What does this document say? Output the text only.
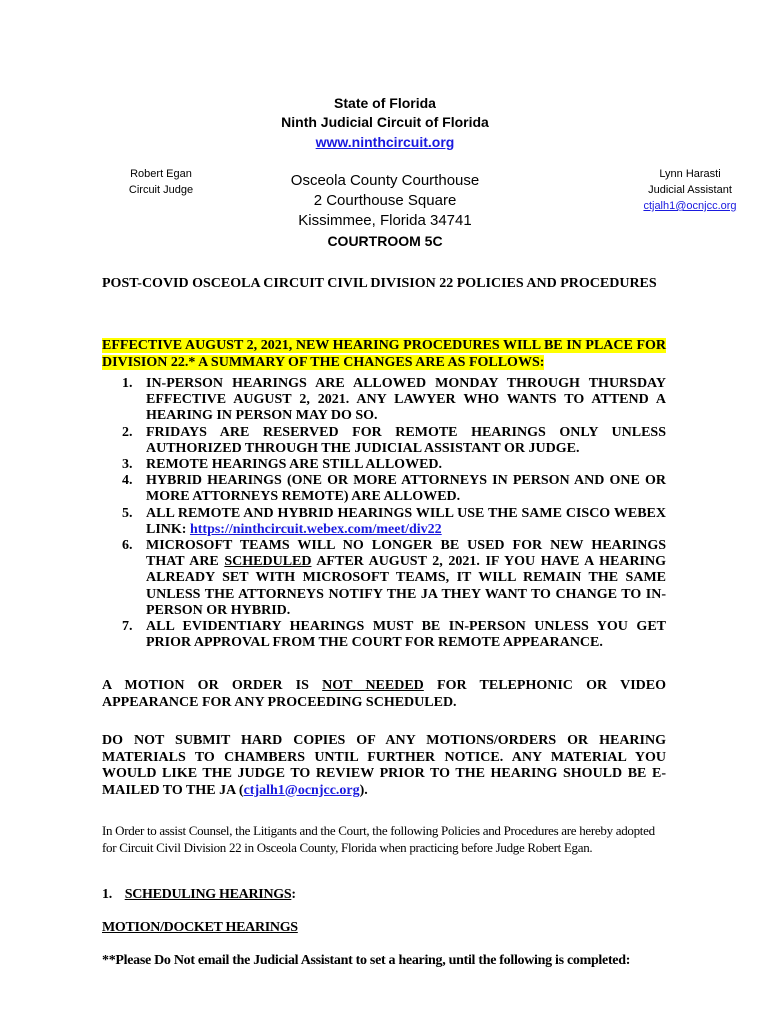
State of Florida
Ninth Judicial Circuit of Florida
www.ninthcircuit.org
Robert Egan
Circuit Judge
Osceola County Courthouse
2 Courthouse Square
Kissimmee, Florida 34741
COURTROOM 5C
Lynn Harasti
Judicial Assistant
ctjalh1@ocnjcc.org
POST-COVID OSCEOLA CIRCUIT CIVIL DIVISION 22 POLICIES AND PROCEDURES
EFFECTIVE AUGUST 2, 2021, NEW HEARING PROCEDURES WILL BE IN PLACE FOR DIVISION 22.* A SUMMARY OF THE CHANGES ARE AS FOLLOWS:
1. IN-PERSON HEARINGS ARE ALLOWED MONDAY THROUGH THURSDAY EFFECTIVE AUGUST 2, 2021. ANY LAWYER WHO WANTS TO ATTEND A HEARING IN PERSON MAY DO SO.
2. FRIDAYS ARE RESERVED FOR REMOTE HEARINGS ONLY UNLESS AUTHORIZED THROUGH THE JUDICIAL ASSISTANT OR JUDGE.
3. REMOTE HEARINGS ARE STILL ALLOWED.
4. HYBRID HEARINGS (ONE OR MORE ATTORNEYS IN PERSON AND ONE OR MORE ATTORNEYS REMOTE) ARE ALLOWED.
5. ALL REMOTE AND HYBRID HEARINGS WILL USE THE SAME CISCO WEBEX LINK: https://ninthcircuit.webex.com/meet/div22
6. MICROSOFT TEAMS WILL NO LONGER BE USED FOR NEW HEARINGS THAT ARE SCHEDULED AFTER AUGUST 2, 2021. IF YOU HAVE A HEARING ALREADY SET WITH MICROSOFT TEAMS, IT WILL REMAIN THE SAME UNLESS THE ATTORNEYS NOTIFY THE JA THEY WANT TO CHANGE TO IN-PERSON OR HYBRID.
7. ALL EVIDENTIARY HEARINGS MUST BE IN-PERSON UNLESS YOU GET PRIOR APPROVAL FROM THE COURT FOR REMOTE APPEARANCE.
A MOTION OR ORDER IS NOT NEEDED FOR TELEPHONIC OR VIDEO APPEARANCE FOR ANY PROCEEDING SCHEDULED.
DO NOT SUBMIT HARD COPIES OF ANY MOTIONS/ORDERS OR HEARING MATERIALS TO CHAMBERS UNTIL FURTHER NOTICE. ANY MATERIAL YOU WOULD LIKE THE JUDGE TO REVIEW PRIOR TO THE HEARING SHOULD BE E-MAILED TO THE JA (ctjalh1@ocnjcc.org).
In Order to assist Counsel, the Litigants and the Court, the following Policies and Procedures are hereby adopted for Circuit Civil Division 22 in Osceola County, Florida when practicing before Judge Robert Egan.
1. SCHEDULING HEARINGS:
MOTION/DOCKET HEARINGS
**Please Do Not email the Judicial Assistant to set a hearing, until the following is completed:
